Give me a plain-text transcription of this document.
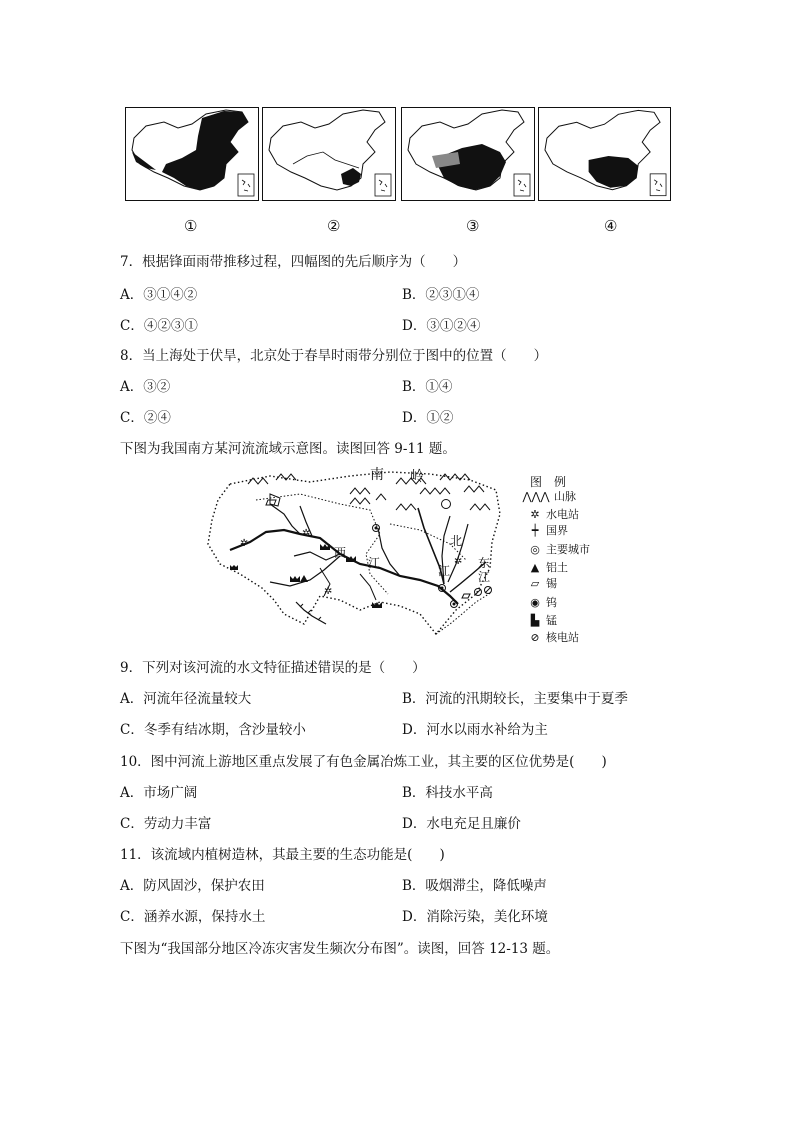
①	②	③	④
7．根据锋面雨带推移过程，四幅图的先后顺序为（　　）
A．③①④②	B．②③①④
C．④②③①	D．③①②④
8．当上海处于伏旱，北京处于春旱时雨带分别位于图中的位置（　　）
A．③②	B．①④
C．②④	D．①②
下图为我国南方某河流流域示意图。读图回答 9-11 题。
✲
✲
✲
✲
南 岭
西
江
北
江
东
江
图　例
⋀⋀⋀ 山脉
✲ 水电站
┿ 国界
◎ 主要城市
▲ 铝土
▱ 锡
◉ 钨
▙ 锰
⊘ 核电站
9．下列对该河流的水文特征描述错误的是（　　）
A．河流年径流量较大	B．河流的汛期较长，主要集中于夏季
C．冬季有结冰期，含沙量较小	D．河水以雨水补给为主
10．图中河流上游地区重点发展了有色金属冶炼工业，其主要的区位优势是(　　)
A．市场广阔	B．科技水平高
C．劳动力丰富	D．水电充足且廉价
11．该流域内植树造林，其最主要的生态功能是(　　)
A．防风固沙，保护农田	B．吸烟滞尘，降低噪声
C．涵养水源，保持水土	D．消除污染，美化环境
下图为“我国部分地区冷冻灾害发生频次分布图”。读图，回答 12-13 题。
